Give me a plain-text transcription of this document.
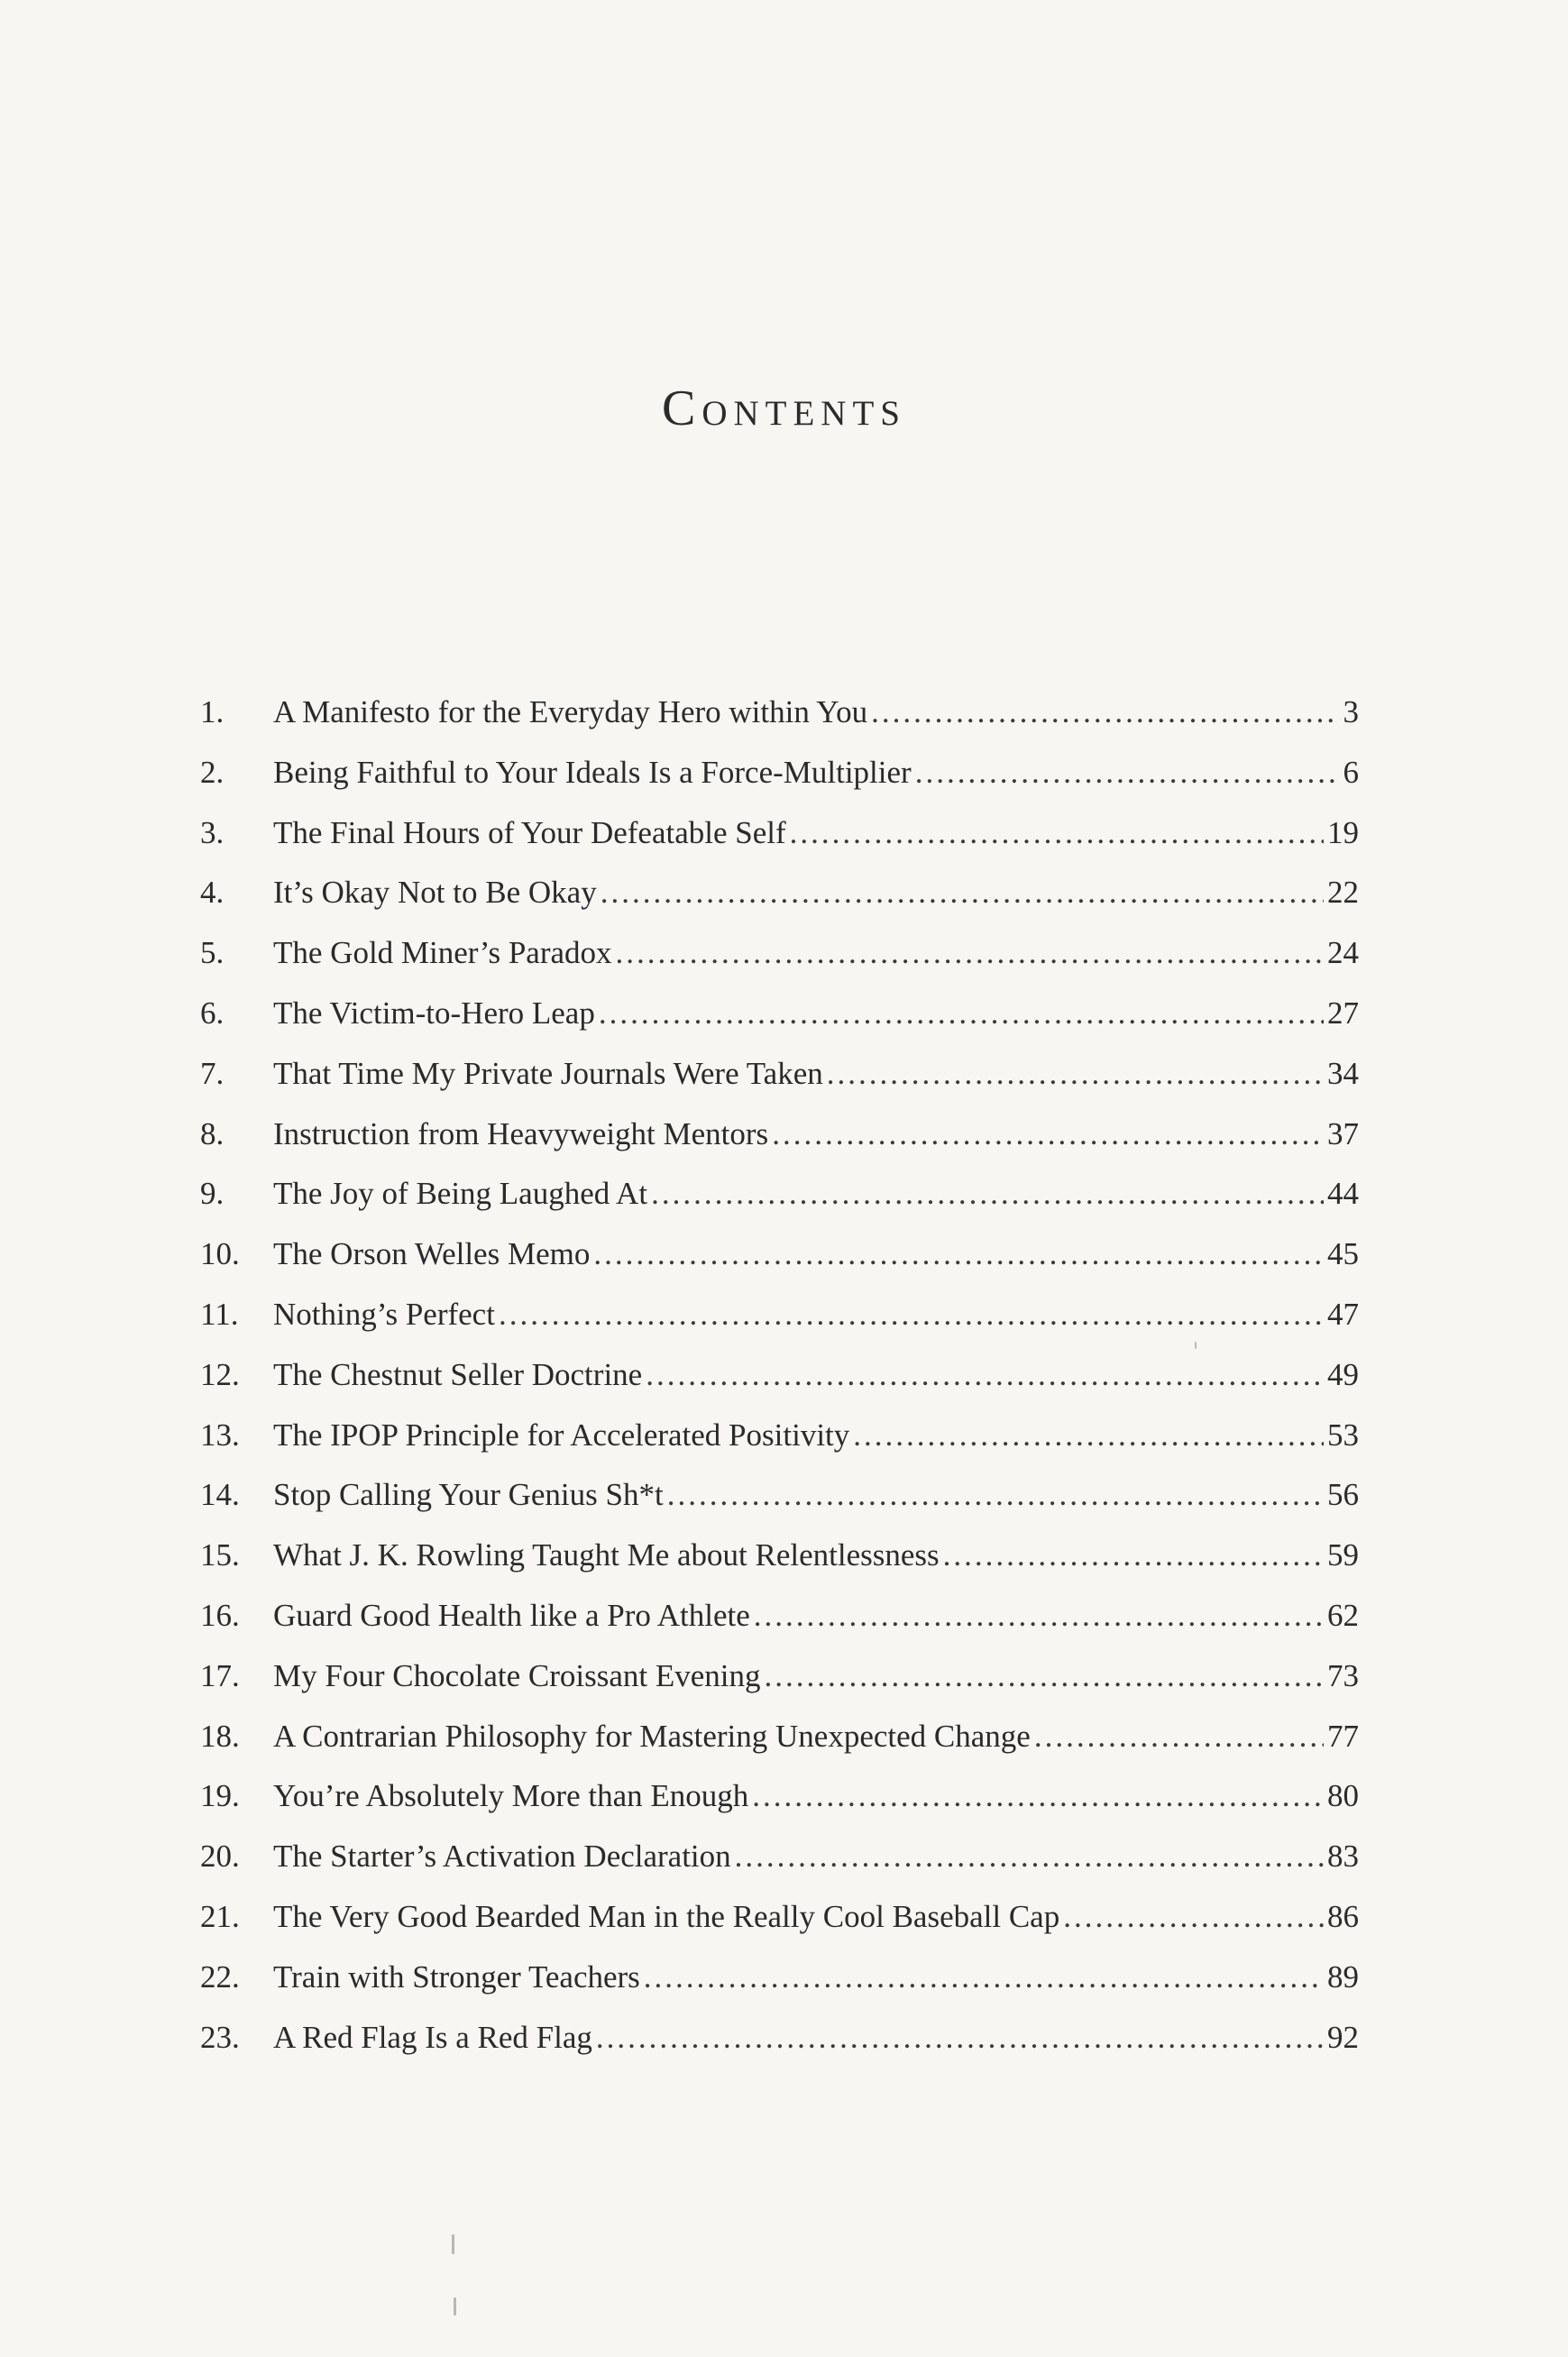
Contents
1.	A Manifesto for the Everyday Hero within You .....	3
2.	Being Faithful to Your Ideals Is a Force-Multiplier .....	6
3.	The Final Hours of Your Defeatable Self .....	19
4.	It’s Okay Not to Be Okay .....	22
5.	The Gold Miner’s Paradox .....	24
6.	The Victim-to-Hero Leap .....	27
7.	That Time My Private Journals Were Taken .....	34
8.	Instruction from Heavyweight Mentors .....	37
9.	The Joy of Being Laughed At .....	44
10.	The Orson Welles Memo .....	45
11.	Nothing’s Perfect .....	47
12.	The Chestnut Seller Doctrine .....	49
13.	The IPOP Principle for Accelerated Positivity .....	53
14.	Stop Calling Your Genius Sh*t .....	56
15.	What J. K. Rowling Taught Me about Relentlessness .....	59
16.	Guard Good Health like a Pro Athlete .....	62
17.	My Four Chocolate Croissant Evening .....	73
18.	A Contrarian Philosophy for Mastering Unexpected Change .....	77
19.	You’re Absolutely More than Enough .....	80
20.	The Starter’s Activation Declaration .....	83
21.	The Very Good Bearded Man in the Really Cool Baseball Cap .....	86
22.	Train with Stronger Teachers .....	89
23.	A Red Flag Is a Red Flag .....	92
